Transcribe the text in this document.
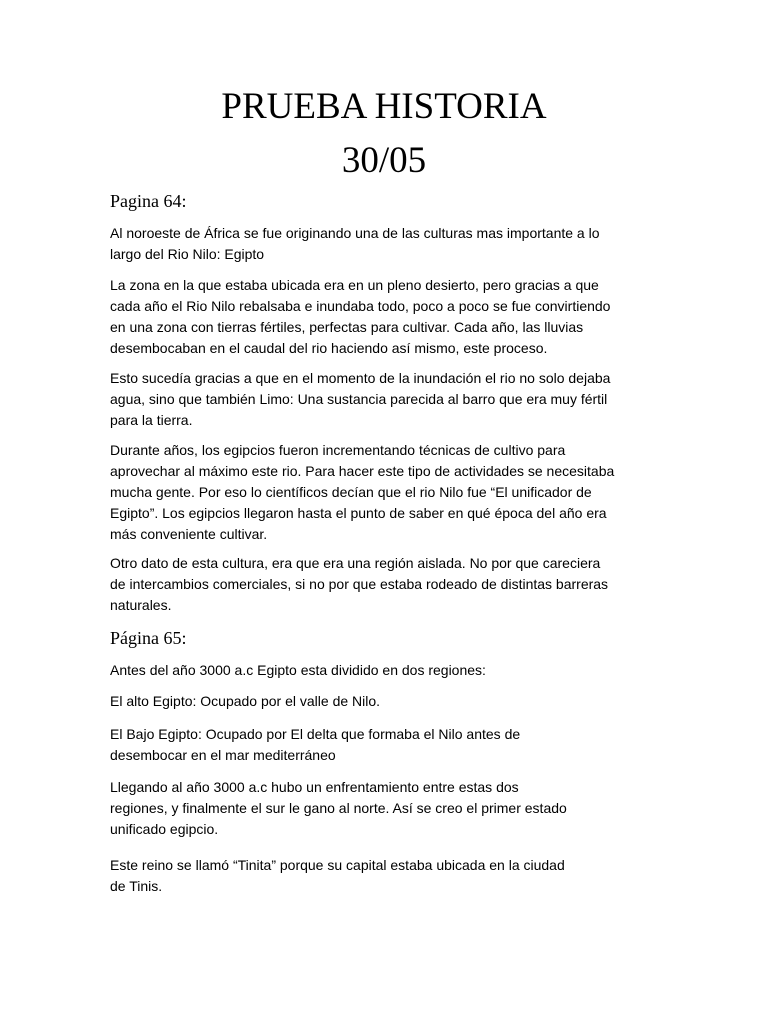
PRUEBA HISTORIA
30/05
Pagina 64:

Al noroeste de África se fue originando una de las culturas mas importante a lo
largo del Rio Nilo: Egipto

La zona en la que estaba ubicada era en un pleno desierto, pero gracias a que
cada año el Rio Nilo rebalsaba e inundaba todo, poco a poco se fue convirtiendo
en una zona con tierras fértiles, perfectas para cultivar. Cada año, las lluvias
desembocaban en el caudal del rio haciendo así mismo, este proceso.

Esto sucedía gracias a que en el momento de la inundación el rio no solo dejaba
agua, sino que también Limo: Una sustancia parecida al barro que era muy fértil
para la tierra.

Durante años, los egipcios fueron incrementando técnicas de cultivo para
aprovechar al máximo este rio. Para hacer este tipo de actividades se necesitaba
mucha gente. Por eso lo científicos decían que el rio Nilo fue “El unificador de
Egipto”. Los egipcios llegaron hasta el punto de saber en qué época del año era
más conveniente cultivar.

Otro dato de esta cultura, era que era una región aislada. No por que careciera
de intercambios comerciales, si no por que estaba rodeado de distintas barreras
naturales.

Página 65:

Antes del año 3000 a.c Egipto esta dividido en dos regiones:

El alto Egipto: Ocupado por el valle de Nilo.

El Bajo Egipto: Ocupado por El delta que formaba el Nilo antes de
desembocar en el mar mediterráneo

Llegando al año 3000 a.c hubo un enfrentamiento entre estas dos
regiones, y finalmente el sur le gano al norte. Así se creo el primer estado
unificado egipcio.

Este reino se llamó “Tinita” porque su capital estaba ubicada en la ciudad
de Tinis.
